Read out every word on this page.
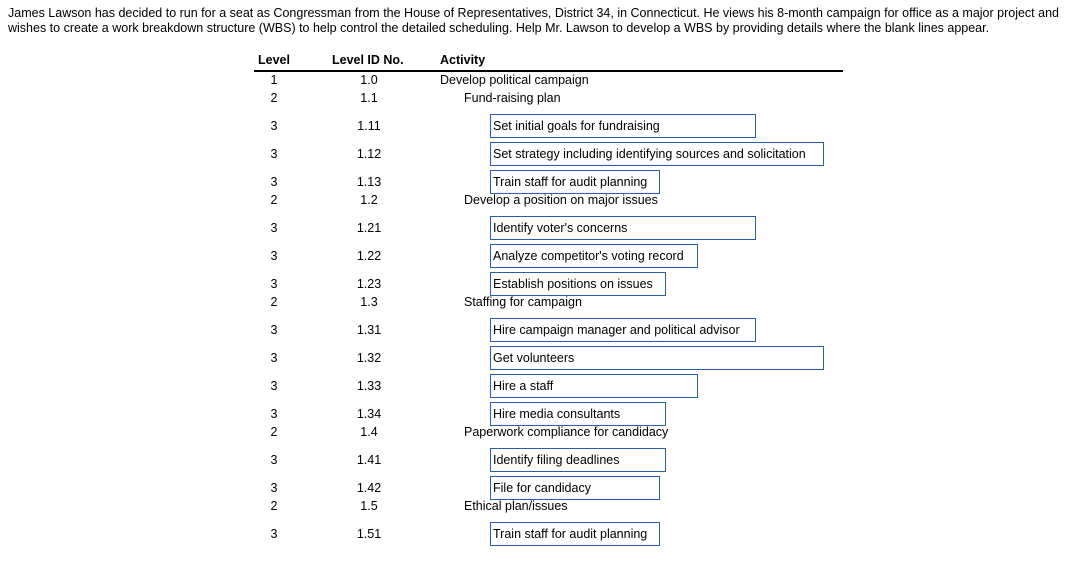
James Lawson has decided to run for a seat as Congressman from the House of Representatives, District 34, in Connecticut. He views his 8-month campaign for office as a major project and wishes to create a work breakdown structure (WBS) to help control the detailed scheduling. Help Mr. Lawson to develop a WBS by providing details where the blank lines appear.

Level	Level ID No.	Activity
1	1.0	Develop political campaign
2	1.1	Fund-raising plan
3	1.11	Set initial goals for fundraising
3	1.12	Set strategy including identifying sources and solicitation
3	1.13	Train staff for audit planning
2	1.2	Develop a position on major issues
3	1.21	Identify voter's concerns
3	1.22	Analyze competitor's voting record
3	1.23	Establish positions on issues
2	1.3	Staffing for campaign
3	1.31	Hire campaign manager and political advisor
3	1.32	Get volunteers
3	1.33	Hire a staff
3	1.34	Hire media consultants
2	1.4	Paperwork compliance for candidacy
3	1.41	Identify filing deadlines
3	1.42	File for candidacy
2	1.5	Ethical plan/issues
3	1.51	Train staff for audit planning
